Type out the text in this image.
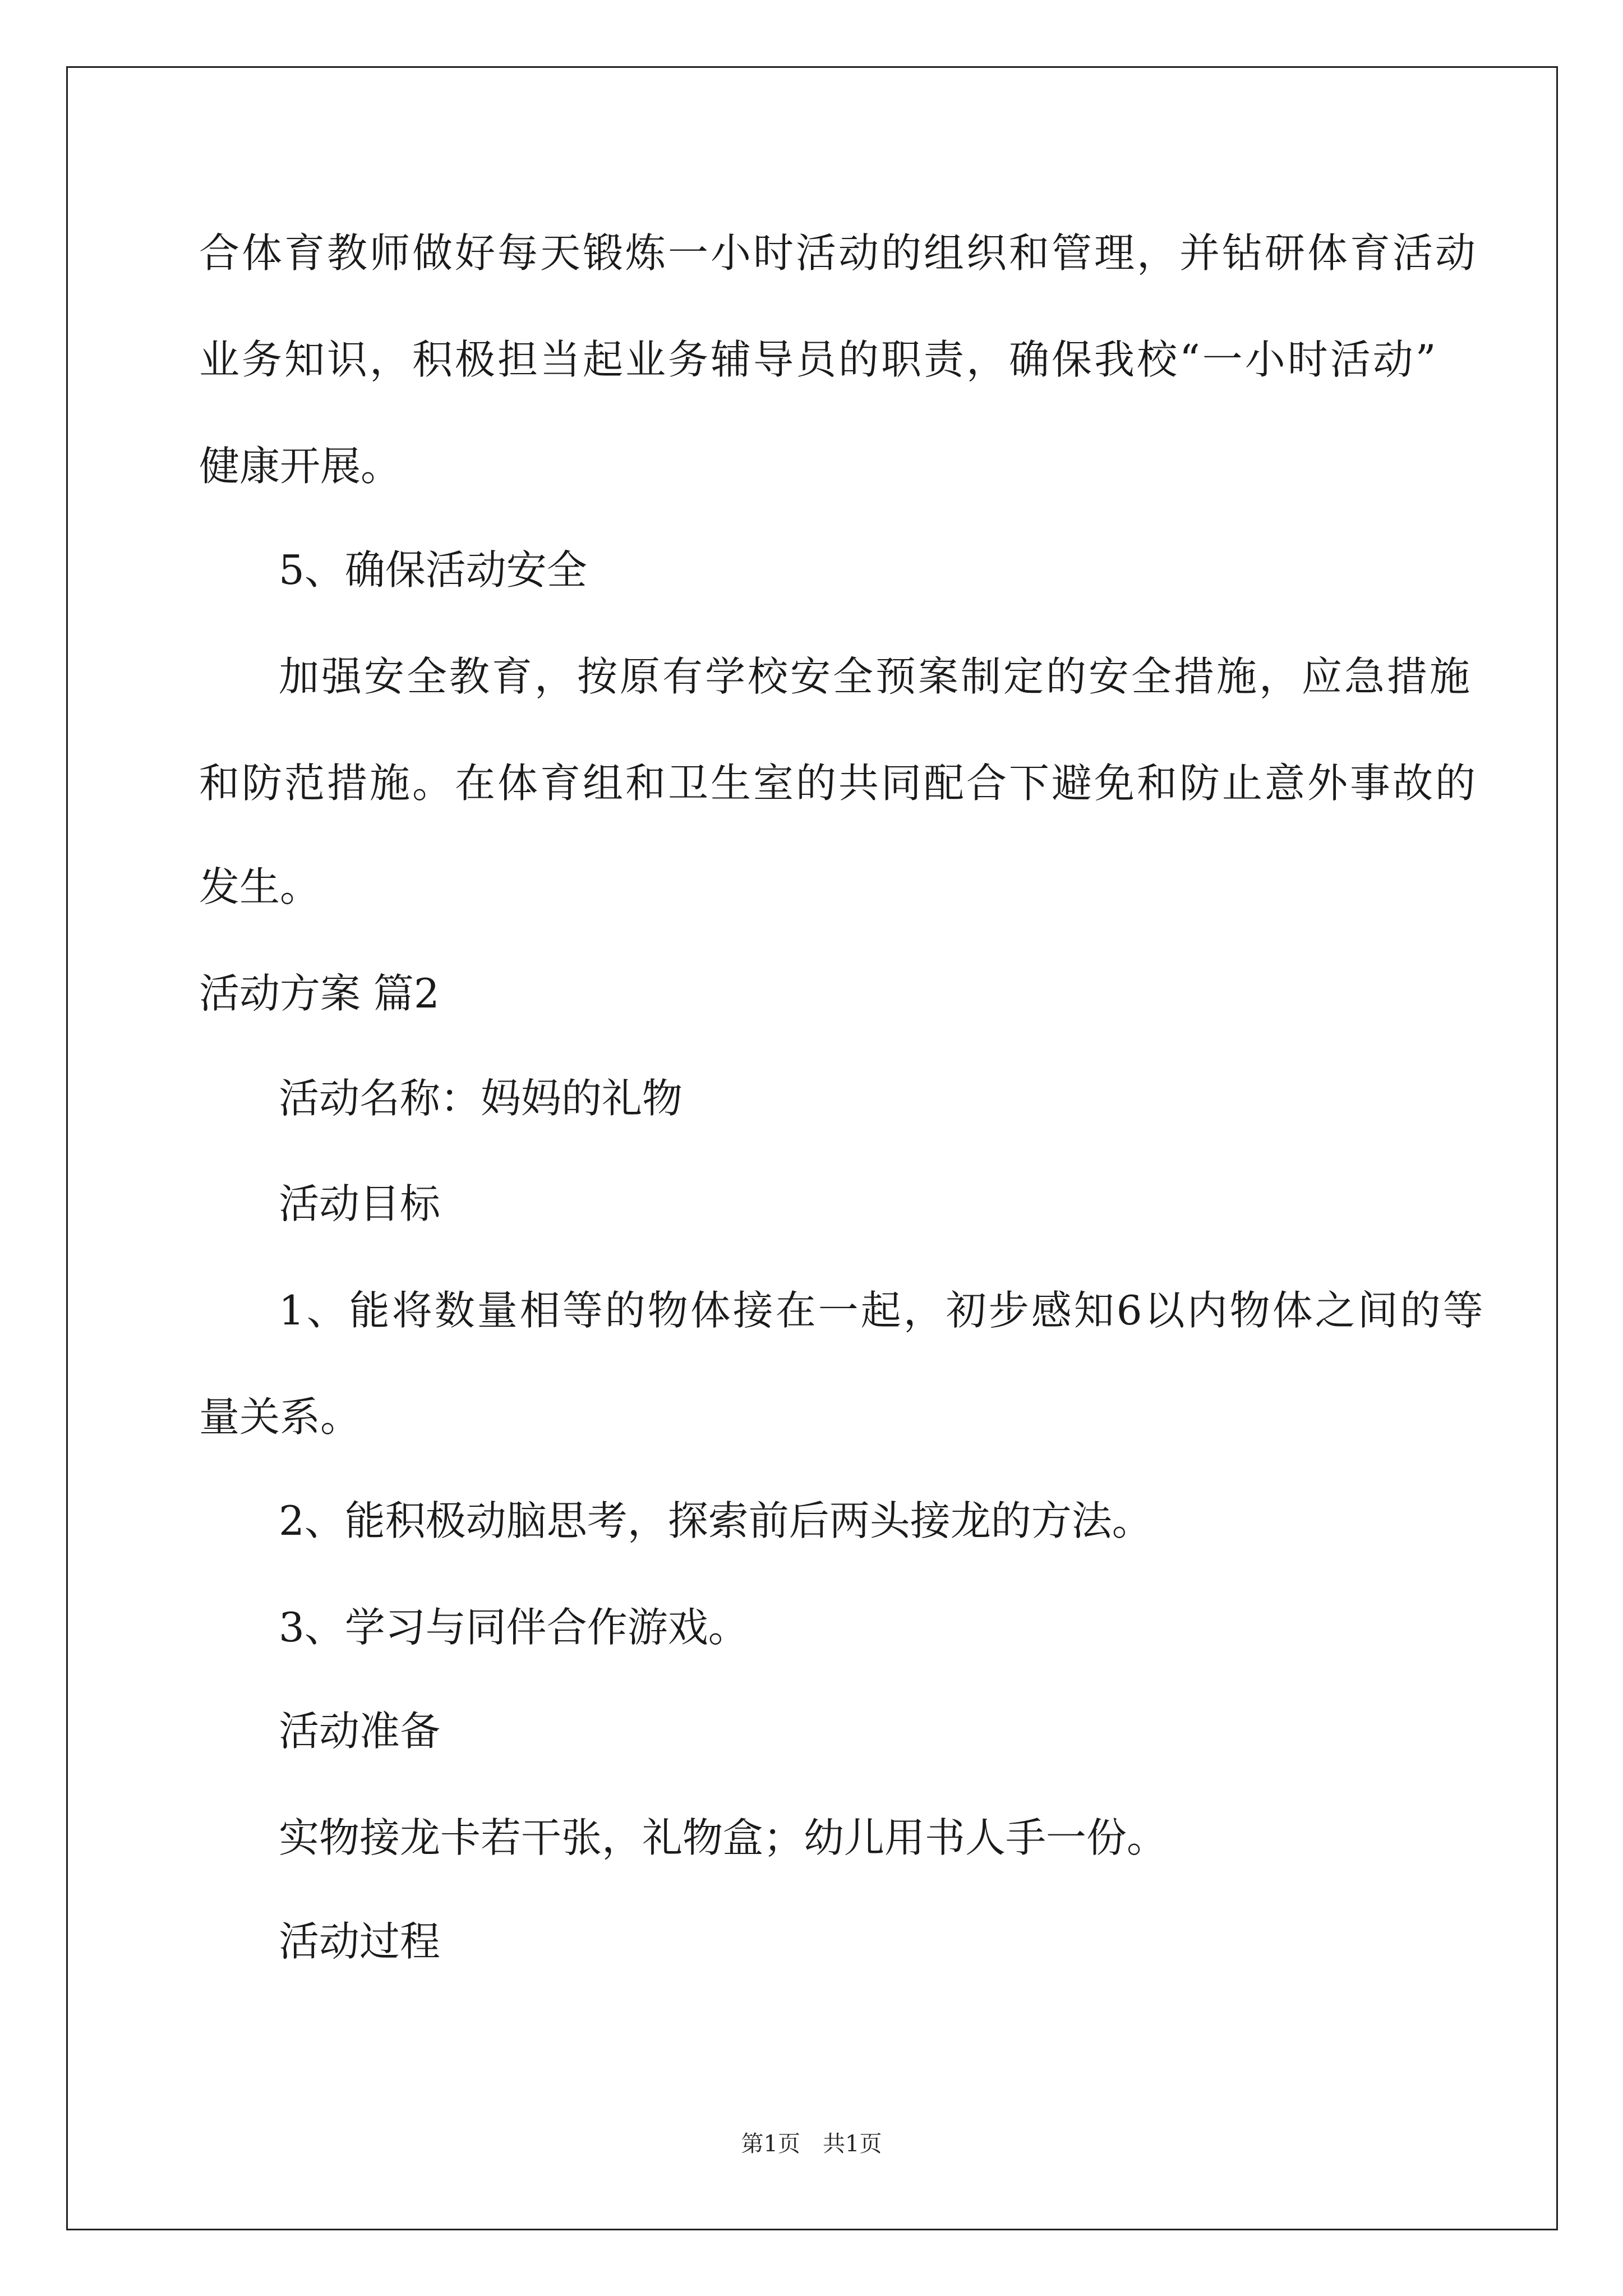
合体育教师做好每天锻炼一小时活动的组织和管理，并钻研体育活动
业务知识，积极担当起业务辅导员的职责，确保我校“一小时活动”
健康开展。
5、确保活动安全
加强安全教育，按原有学校安全预案制定的安全措施，应急措施
和防范措施。在体育组和卫生室的共同配合下避免和防止意外事故的
发生。
活动方案 篇2
活动名称：妈妈的礼物
活动目标
1、能将数量相等的物体接在一起，初步感知6以内物体之间的等
量关系。
2、能积极动脑思考，探索前后两头接龙的方法。
3、学习与同伴合作游戏。
活动准备
实物接龙卡若干张，礼物盒；幼儿用书人手一份。
活动过程
第1页　共1页
